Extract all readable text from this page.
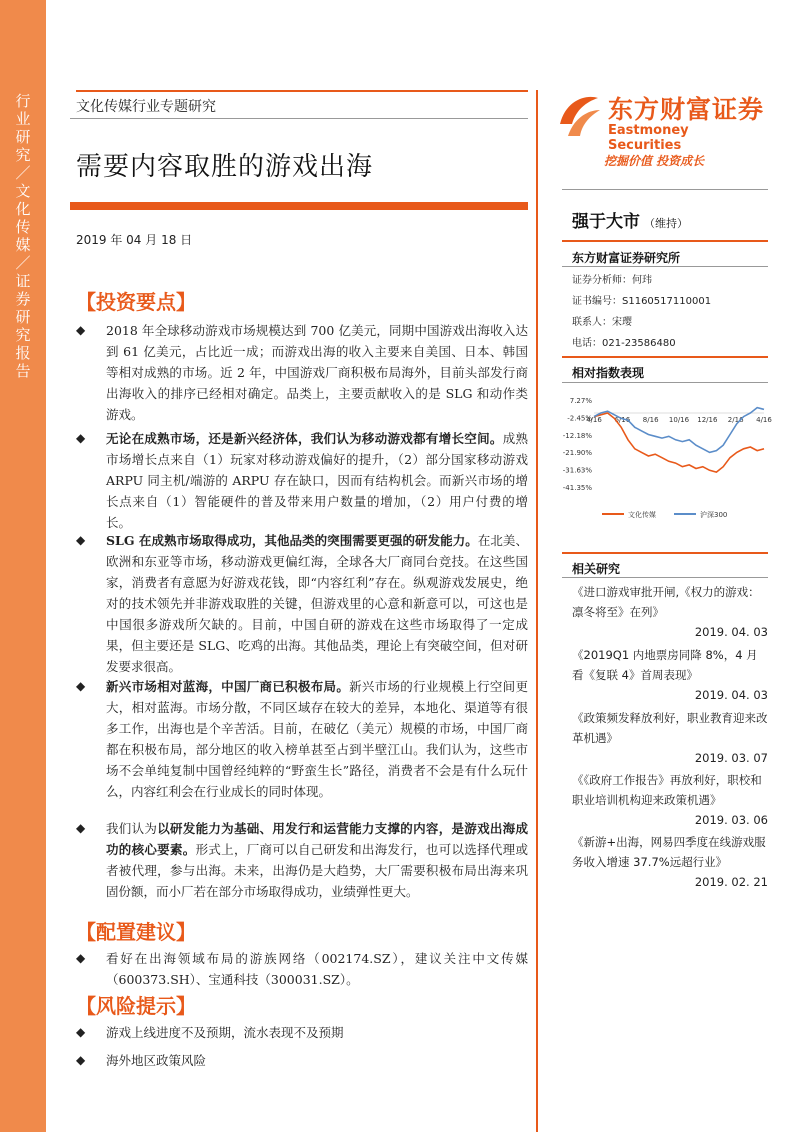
行业研究／文化传媒／证券研究报告
文化传媒行业专题研究
需要内容取胜的游戏出海
2019 年 04 月 18 日
东方财富证券
Eastmoney Securities
挖掘价值 投资成长
强于大市 （维持）
东方财富证券研究所
证券分析师：何玮
证书编号：S1160517110001
联系人：宋璎
电话：021-23586480
相对指数表现
7.27%
-2.45%
-12.18%
-21.90%
-31.63%
-41.35%
4/16 6/16 8/16 10/16 12/16 2/16 4/16
文化传媒	沪深300
相关研究
《进口游戏审批开闸,《权力的游戏：凛冬将至》在列》
2019. 04. 03
《2019Q1 内地票房同降 8%，4 月看《复联 4》首周表现》
2019. 04. 03
《政策频发释放利好，职业教育迎来改革机遇》
2019. 03. 07
《《政府工作报告》再放利好，职校和职业培训机构迎来政策机遇》
2019. 03. 06
《新游+出海，网易四季度在线游戏服务收入增速 37.7%远超行业》
2019. 02. 21
【投资要点】
◆ 2018 年全球移动游戏市场规模达到 700 亿美元，同期中国游戏出海收入达到 61 亿美元，占比近一成；而游戏出海的收入主要来自美国、日本、韩国等相对成熟的市场。近 2 年，中国游戏厂商积极布局海外，目前头部发行商出海收入的排序已经相对确定。品类上，主要贡献收入的是 SLG 和动作类游戏。
◆ 无论在成熟市场，还是新兴经济体，我们认为移动游戏都有增长空间。成熟市场增长点来自（1）玩家对移动游戏偏好的提升，（2）部分国家移动游戏 ARPU 同主机/端游的 ARPU 存在缺口，因而有结构机会。而新兴市场的增长点来自（1）智能硬件的普及带来用户数量的增加，（2）用户付费的增长。
◆ SLG 在成熟市场取得成功，其他品类的突围需要更强的研发能力。在北美、欧洲和东亚等市场，移动游戏更偏红海，全球各大厂商同台竞技。在这些国家，消费者有意愿为好游戏花钱，即“内容红利”存在。纵观游戏发展史，绝对的技术领先并非游戏取胜的关键，但游戏里的心意和新意可以，可这也是中国很多游戏所欠缺的。目前，中国自研的游戏在这些市场取得了一定成果，但主要还是 SLG、吃鸡的出海。其他品类，理论上有突破空间，但对研发要求很高。
◆ 新兴市场相对蓝海，中国厂商已积极布局。新兴市场的行业规模上行空间更大，相对蓝海。市场分散，不同区域存在较大的差异，本地化、渠道等有很多工作，出海也是个辛苦活。目前，在破亿（美元）规模的市场，中国厂商都在积极布局，部分地区的收入榜单甚至占到半壁江山。我们认为，这些市场不会单纯复制中国曾经纯粹的“野蛮生长”路径，消费者不会是有什么玩什么，内容红利会在行业成长的同时体现。
◆ 我们认为以研发能力为基础、用发行和运营能力支撑的内容，是游戏出海成功的核心要素。形式上，厂商可以自己研发和出海发行，也可以选择代理或者被代理，参与出海。未来，出海仍是大趋势，大厂需要积极布局出海来巩固份额，而小厂若在部分市场取得成功，业绩弹性更大。
【配置建议】
◆ 看好在出海领域布局的游族网络（002174.SZ），建议关注中文传媒（600373.SH）、宝通科技（300031.SZ）。
【风险提示】
◆ 游戏上线进度不及预期，流水表现不及预期
◆ 海外地区政策风险
